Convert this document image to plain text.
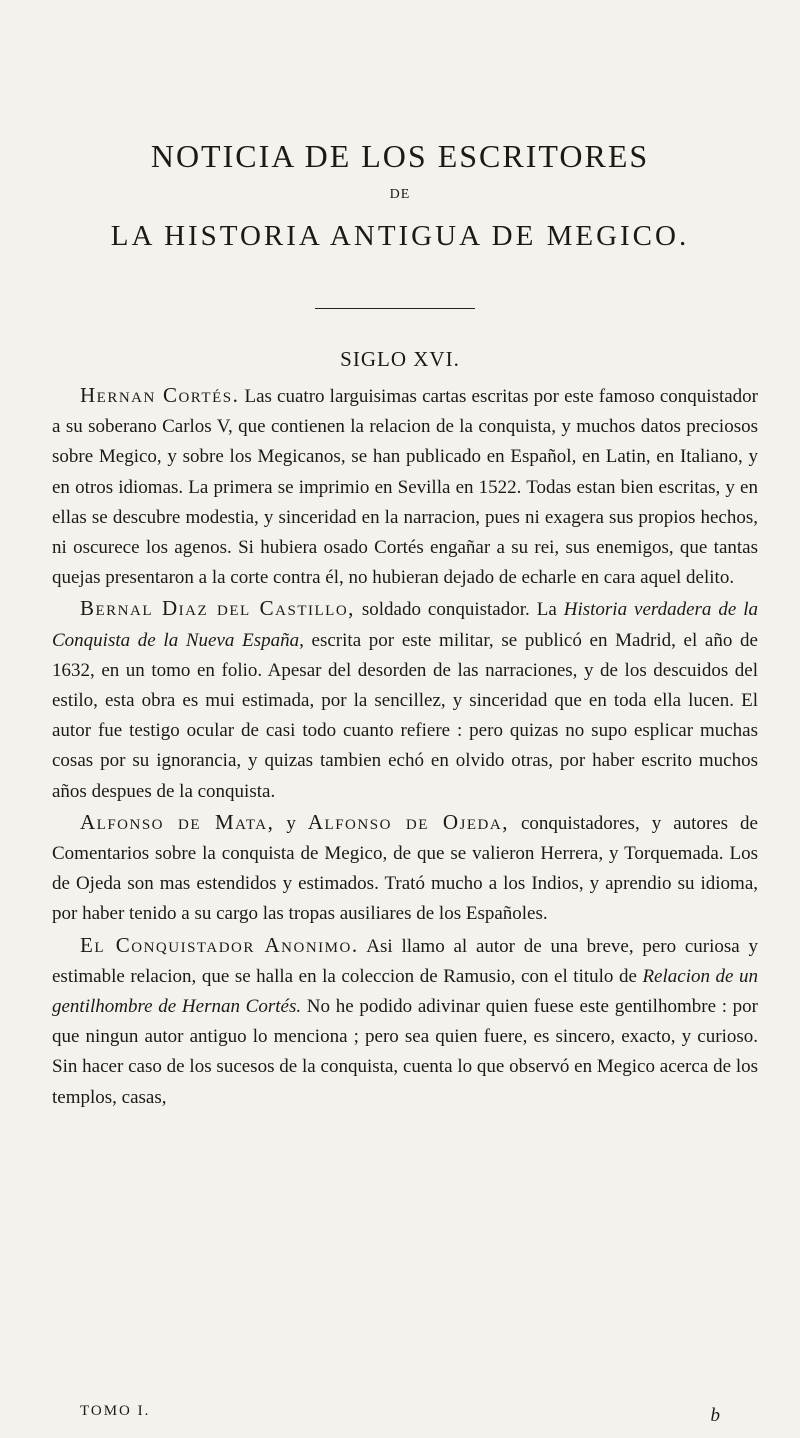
NOTICIA DE LOS ESCRITORES
DE
LA HISTORIA ANTIGUA DE MEGICO.
SIGLO XVI.

Hernan Cortés. Las cuatro larguisimas cartas escritas por este famoso conquistador a su soberano Carlos V, que contienen la relacion de la conquista, y muchos datos preciosos sobre Megico, y sobre los Megicanos, se han publicado en Español, en Latin, en Italiano, y en otros idiomas. La primera se imprimio en Sevilla en 1522. Todas estan bien escritas, y en ellas se descubre modestia, y sinceridad en la narracion, pues ni exagera sus propios hechos, ni oscurece los agenos. Si hubiera osado Cortés engañar a su rei, sus enemigos, que tantas quejas presentaron a la corte contra él, no hubieran dejado de echarle en cara aquel delito.

Bernal Diaz del Castillo, soldado conquistador. La Historia verdadera de la Conquista de la Nueva España, escrita por este militar, se publicó en Madrid, el año de 1632, en un tomo en folio. Apesar del desorden de las narraciones, y de los descuidos del estilo, esta obra es mui estimada, por la sencillez, y sinceridad que en toda ella lucen. El autor fue testigo ocular de casi todo cuanto refiere : pero quizas no supo esplicar muchas cosas por su ignorancia, y quizas tambien echó en olvido otras, por haber escrito muchos años despues de la conquista.

Alfonso de Mata, y Alfonso de Ojeda, conquistadores, y autores de Comentarios sobre la conquista de Megico, de que se valieron Herrera, y Torquemada. Los de Ojeda son mas estendidos y estimados. Trató mucho a los Indios, y aprendio su idioma, por haber tenido a su cargo las tropas ausiliares de los Españoles.

El Conquistador Anonimo. Asi llamo al autor de una breve, pero curiosa y estimable relacion, que se halla en la coleccion de Ramusio, con el titulo de Relacion de un gentilhombre de Hernan Cortés. No he podido adivinar quien fuese este gentilhombre : por que ningun autor antiguo lo menciona ; pero sea quien fuere, es sincero, exacto, y curioso. Sin hacer caso de los sucesos de la conquista, cuenta lo que observó en Megico acerca de los templos, casas,

TOMO I.	b
